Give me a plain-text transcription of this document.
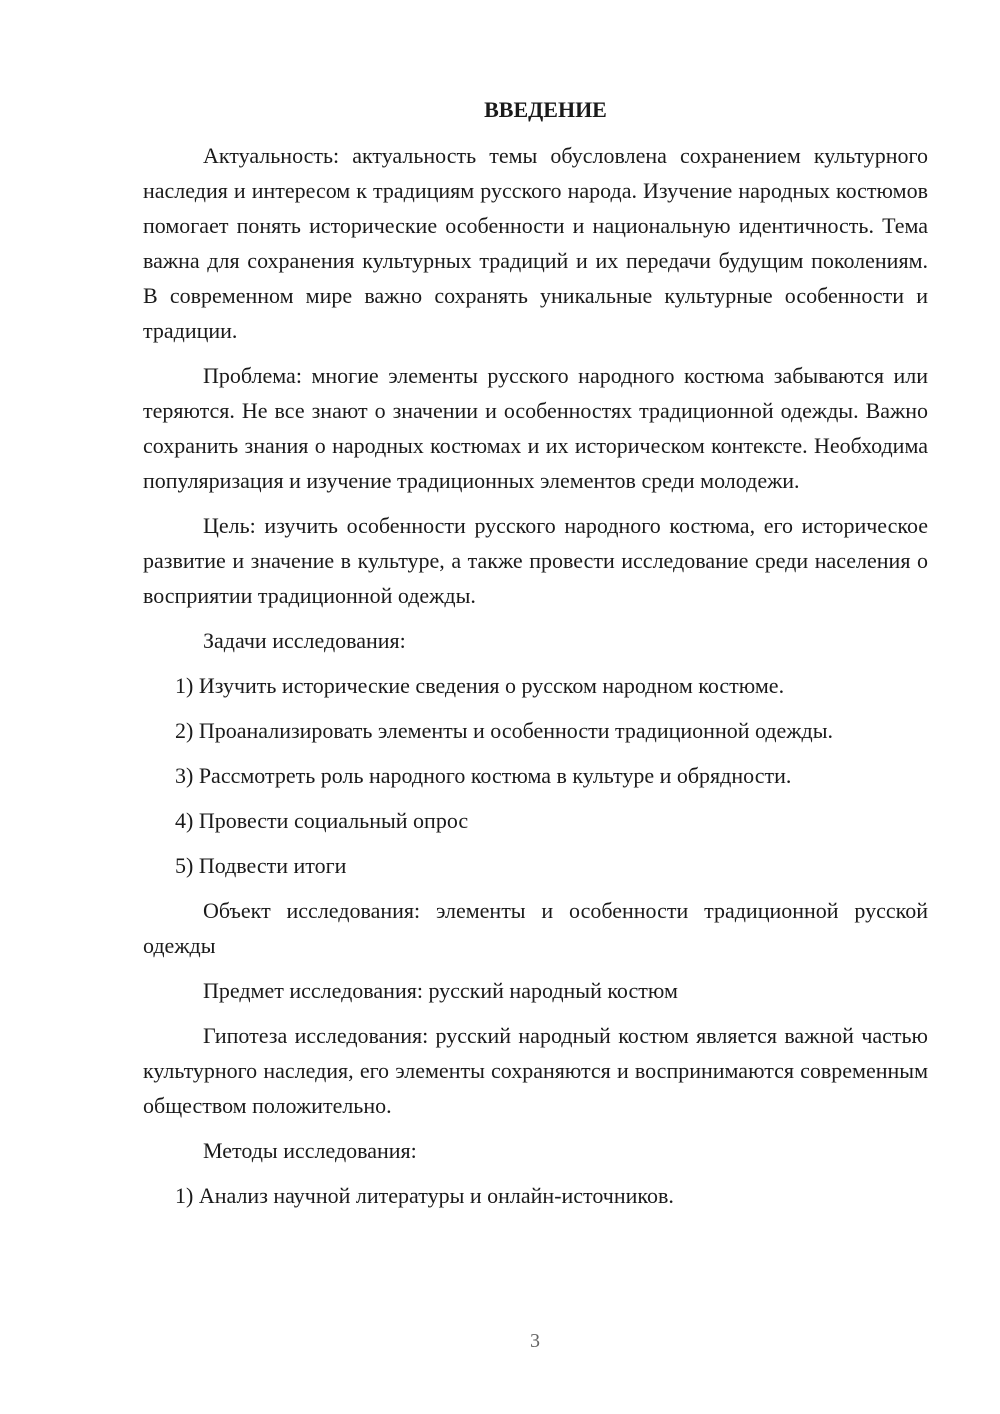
ВВЕДЕНИЕ

Актуальность: актуальность темы обусловлена сохранением культурного наследия и интересом к традициям русского народа. Изучение народных костюмов помогает понять исторические особенности и национальную идентичность. Тема важна для сохранения культурных традиций и их передачи будущим поколениям. В современном мире важно сохранять уникальные культурные особенности и традиции.

Проблема: многие элементы русского народного костюма забываются или теряются. Не все знают о значении и особенностях традиционной одежды. Важно сохранить знания о народных костюмах и их историческом контексте. Необходима популяризация и изучение традиционных элементов среди молодежи.

Цель: изучить особенности русского народного костюма, его историческое развитие и значение в культуре, а также провести исследование среди населения о восприятии традиционной одежды.

Задачи исследования:

1) Изучить исторические сведения о русском народном костюме.

2) Проанализировать элементы и особенности традиционной одежды.

3) Рассмотреть роль народного костюма в культуре и обрядности.

4) Провести социальный опрос

5) Подвести итоги

Объект исследования: элементы и особенности традиционной русской одежды

Предмет исследования: русский народный костюм

Гипотеза исследования: русский народный костюм является важной частью культурного наследия, его элементы сохраняются и воспринимаются современным обществом положительно.

Методы исследования:

1) Анализ научной литературы и онлайн-источников.

3
